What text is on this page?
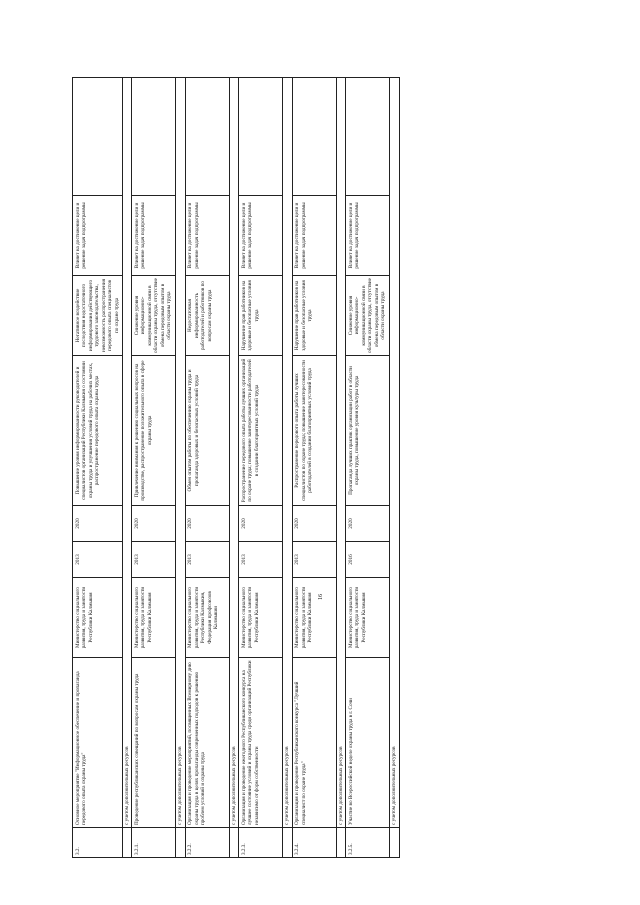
3.2.	Основное мероприятие "Информационное обеспечение и пропаганда передового опыта охраны труда"	Министерство социального развития, труда и занятости Республики Калмыкия	2013	2020	Повышение уровня информированности руководителей и специалистов организаций Республики Калмыкия о состоянии охраны труда и улучшения условий труда на рабочих местах, распространение передового опыта охраны труда	Негативное воздействие последствия недостаточного информирования действующего трудового законодательства, невозможность распространения передового опыта специалистов по охране труда	Влияет на достижение цели и решение задач подпрограммы	
	с учетом дополнительных ресурсов							
3.2.1.	Проведение республиканских совещаний по вопросам охраны труда	Министерство социального развития, труда и занятости Республики Калмыкия	2013	2020	Привлечение внимания к решению социальных вопросов на производстве, распространение положительного опыта в сфере охраны труда	Снижение уровня информационно-коммуникационной связи в области охраны труда, отсутствие обмена передовым опытом в области охраны труда	Влияет на достижение цели и решение задач подпрограммы	
	с учетом дополнительных ресурсов							
3.2.2.	Организация и проведение мероприятий, посвященных Всемирному дню охраны труда в целях пропаганды современных подходов к решению проблем условий и охраны труда	Министерство социального развития, труда и занятости Республики Калмыкия, Федерация профсоюзов Калмыкии	2013	2020	Обмен опытом работы по обеспечению охраны труда и пропаганда здоровых и безопасных условий труда	Недостаточная информированность работодателей и работников по вопросам охраны труда	Влияет на достижение цели и решение задач подпрограммы	
	с учетом дополнительных ресурсов							
3.2.3.	Организация и проведение ежегодного Республиканского конкурса на лучшее состояние условий и охраны труда среди организаций Республики независимо от форм собственности	Министерство социального развития, труда и занятости Республики Калмыкия	2013	2020	Распространение передового опыта работы лучших организаций по охране труда; повышение заинтересованности работодателей в создании благоприятных условий труда	Нарушение прав работников на здоровые и безопасные условия труда	Влияет на достижение цели и решение задач подпрограммы	
	с учетом дополнительных ресурсов							
3.2.4.	Организация и проведение Республиканского конкурса "Лучший специалист по охране труда"	Министерство социального развития, труда и занятости Республики Калмыкия	2013	2020	Распространение передового опыта работы лучших специалистов по охране труда; повышение заинтересованности работодателей в создании благоприятных условий труда	Нарушение прав работников на здоровые и безопасные условия труда	Влияет на достижение цели и решение задач подпрограммы	
	с учетом дополнительных ресурсов							
3.2.5.	Участие во Всероссийской неделе охраны труда в г. Сочи	Министерство социального развития, труда и занятости Республики Калмыкия	2016	2020	Пропаганда лучших практик организации работ в области охраны труда, повышение уровня культуры труда	Снижение уровня информационно-коммуникационной связи в области охраны труда, отсутствие обмена передовым опытом в области охраны труда	Влияет на достижение цели и решение задач подпрограммы	
	с учетом дополнительных ресурсов							
16
